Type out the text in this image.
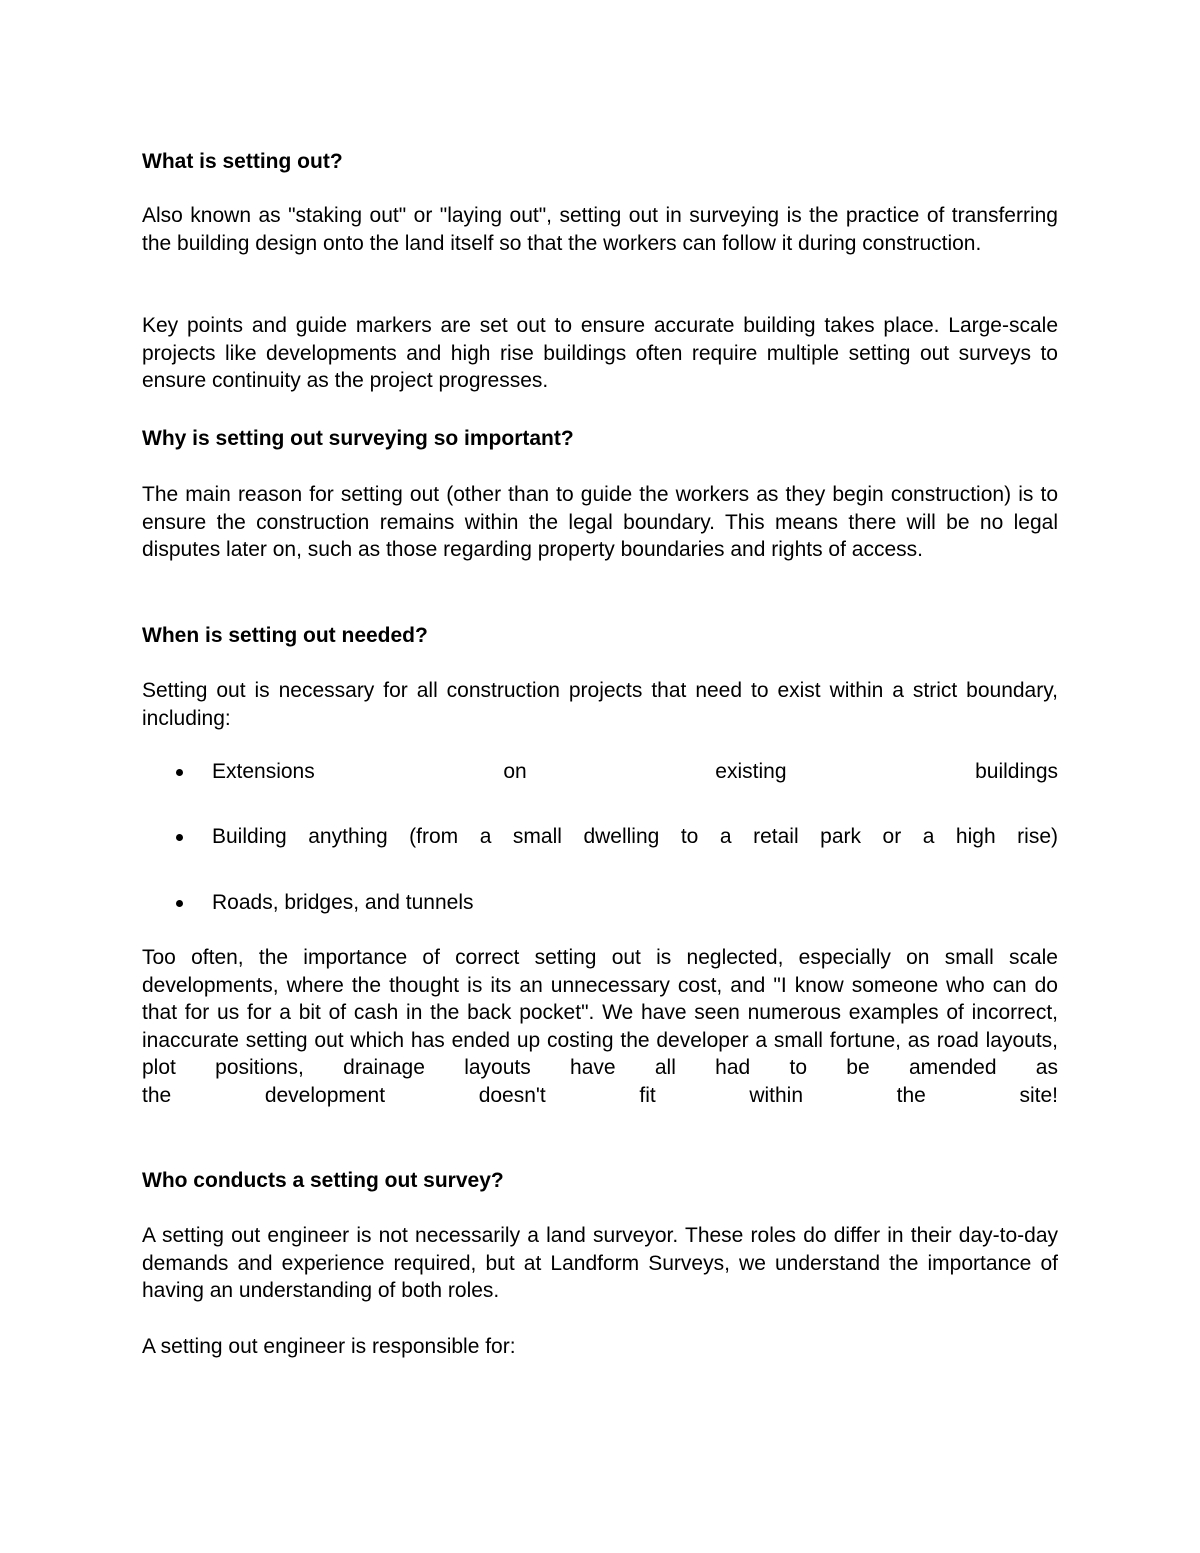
What is setting out?

Also known as "staking out" or "laying out", setting out in surveying is the practice of transferring the building design onto the land itself so that the workers can follow it during construction.

Key points and guide markers are set out to ensure accurate building takes place. Large-scale projects like developments and high rise buildings often require multiple setting out surveys to ensure continuity as the project progresses.

Why is setting out surveying so important?

The main reason for setting out (other than to guide the workers as they begin construction) is to ensure the construction remains within the legal boundary. This means there will be no legal disputes later on, such as those regarding property boundaries and rights of access.

When is setting out needed?

Setting out is necessary for all construction projects that need to exist within a strict boundary, including:

Extensions on existing buildings
Building anything (from a small dwelling to a retail park or a high rise)
Roads, bridges, and tunnels
Too often, the importance of correct setting out is neglected, especially on small scale developments, where the thought is its an unnecessary cost, and "I know someone who can do that for us for a bit of cash in the back pocket". We have seen numerous examples of incorrect, inaccurate setting out which has ended up costing the developer a small fortune, as road layouts, plot positions, drainage layouts have all had to be amended as
the development doesn't fit within the site!

Who conducts a setting out survey?

A setting out engineer is not necessarily a land surveyor. These roles do differ in their day-to-day demands and experience required, but at Landform Surveys, we understand the importance of having an understanding of both roles.

A setting out engineer is responsible for:
